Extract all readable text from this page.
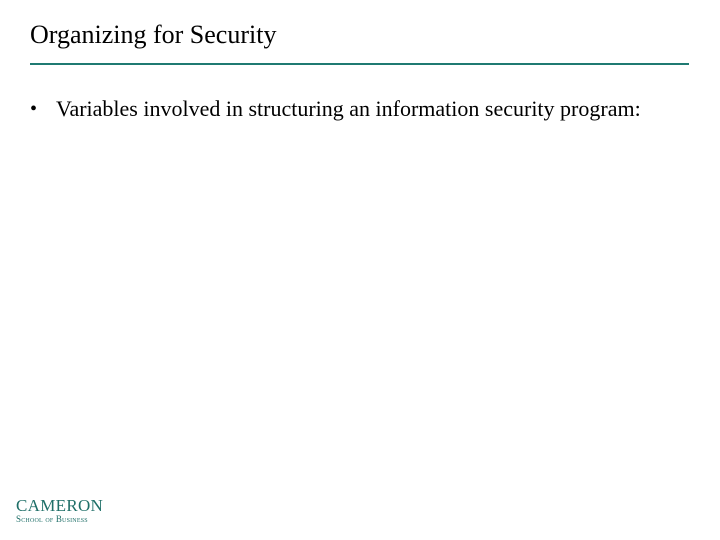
Organizing for Security
• Variables involved in structuring an information security program:
CAMERON
School of Business
